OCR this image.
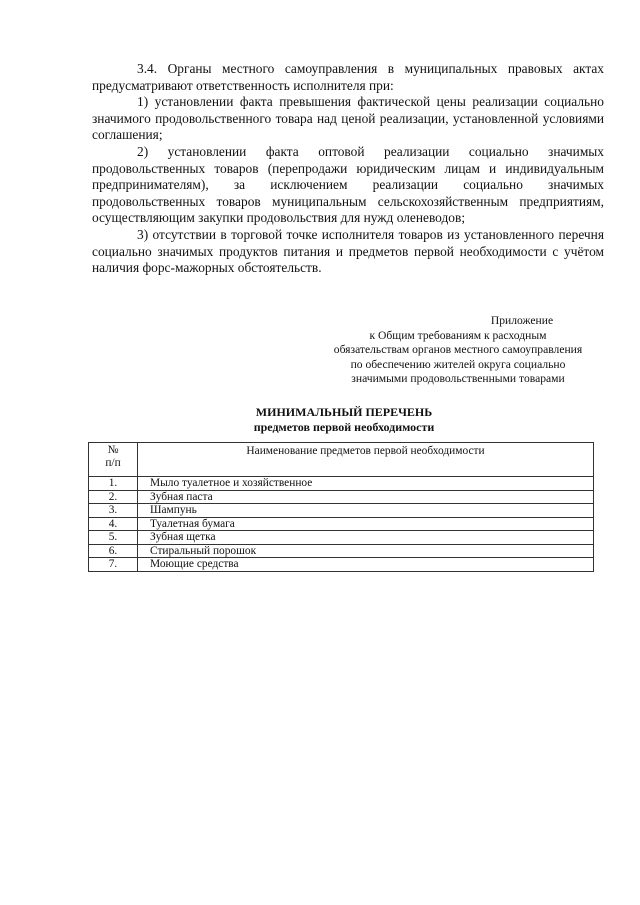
3.4. Органы местного самоуправления в муниципальных правовых актах предусматривают ответственность исполнителя при:

1) установлении факта превышения фактической цены реализации социально значимого продовольственного товара над ценой реализации, установленной условиями соглашения;

2) установлении факта оптовой реализации социально значимых продовольственных товаров (перепродажи юридическим лицам и индивидуальным предпринимателям), за исключением реализации социально значимых продовольственных товаров муниципальным сельскохозяйственным предприятиям, осуществляющим закупки продовольствия для нужд оленеводов;

3) отсутствии в торговой точке исполнителя товаров из установленного перечня социально значимых продуктов питания и предметов первой необходимости с учётом наличия форс-мажорных обстоятельств.

Приложение
к Общим требованиям к расходным
обязательствам органов местного самоуправления
по обеспечению жителей округа социально
значимыми продовольственными товарами
МИНИМАЛЬНЫЙ ПЕРЕЧЕНЬ
предметов первой необходимости
№
п/п	Наименование предметов первой необходимости
1.	Мыло туалетное и хозяйственное
2.	Зубная паста
3.	Шампунь
4.	Туалетная бумага
5.	Зубная щетка
6.	Стиральный порошок
7.	Моющие средства
